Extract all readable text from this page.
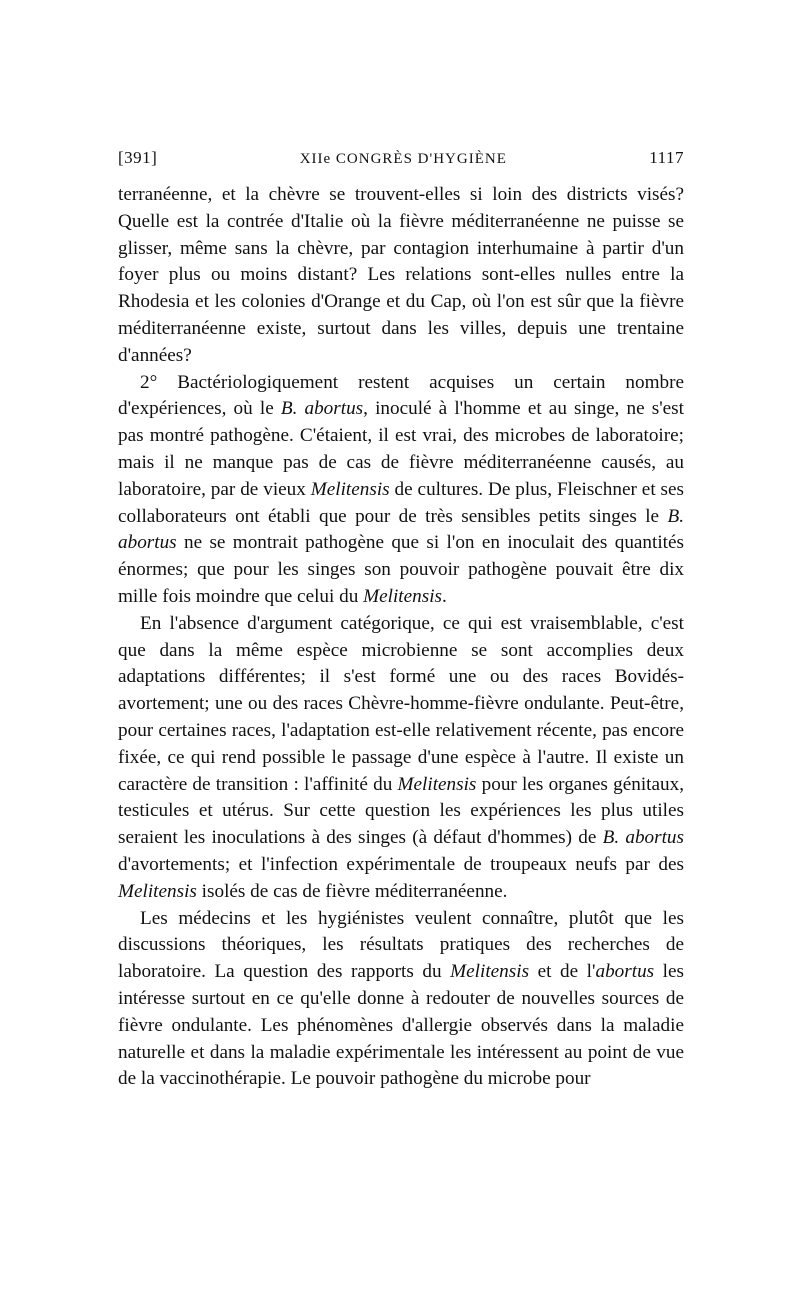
[391]	XIIe CONGRÈS D'HYGIÈNE	1117

terranéenne, et la chèvre se trouvent-elles si loin des districts visés? Quelle est la contrée d'Italie où la fièvre méditerranéenne ne puisse se glisser, même sans la chèvre, par contagion interhumaine à partir d'un foyer plus ou moins distant? Les relations sont-elles nulles entre la Rhodesia et les colonies d'Orange et du Cap, où l'on est sûr que la fièvre méditerranéenne existe, surtout dans les villes, depuis une trentaine d'années?

2° Bactériologiquement restent acquises un certain nombre d'expériences, où le B. abortus, inoculé à l'homme et au singe, ne s'est pas montré pathogène. C'étaient, il est vrai, des microbes de laboratoire; mais il ne manque pas de cas de fièvre méditerranéenne causés, au laboratoire, par de vieux Melitensis de cultures. De plus, Fleischner et ses collaborateurs ont établi que pour de très sensibles petits singes le B. abortus ne se montrait pathogène que si l'on en inoculait des quantités énormes; que pour les singes son pouvoir pathogène pouvait être dix mille fois moindre que celui du Melitensis.

En l'absence d'argument catégorique, ce qui est vraisemblable, c'est que dans la même espèce microbienne se sont accomplies deux adaptations différentes; il s'est formé une ou des races Bovidés-avortement; une ou des races Chèvre-homme-fièvre ondulante. Peut-être, pour certaines races, l'adaptation est-elle relativement récente, pas encore fixée, ce qui rend possible le passage d'une espèce à l'autre. Il existe un caractère de transition : l'affinité du Melitensis pour les organes génitaux, testicules et utérus. Sur cette question les expériences les plus utiles seraient les inoculations à des singes (à défaut d'hommes) de B. abortus d'avortements; et l'infection expérimentale de troupeaux neufs par des Melitensis isolés de cas de fièvre méditerranéenne.

Les médecins et les hygiénistes veulent connaître, plutôt que les discussions théoriques, les résultats pratiques des recherches de laboratoire. La question des rapports du Melitensis et de l'abortus les intéresse surtout en ce qu'elle donne à redouter de nouvelles sources de fièvre ondulante. Les phénomènes d'allergie observés dans la maladie naturelle et dans la maladie expérimentale les intéressent au point de vue de la vaccinothérapie. Le pouvoir pathogène du microbe pour
